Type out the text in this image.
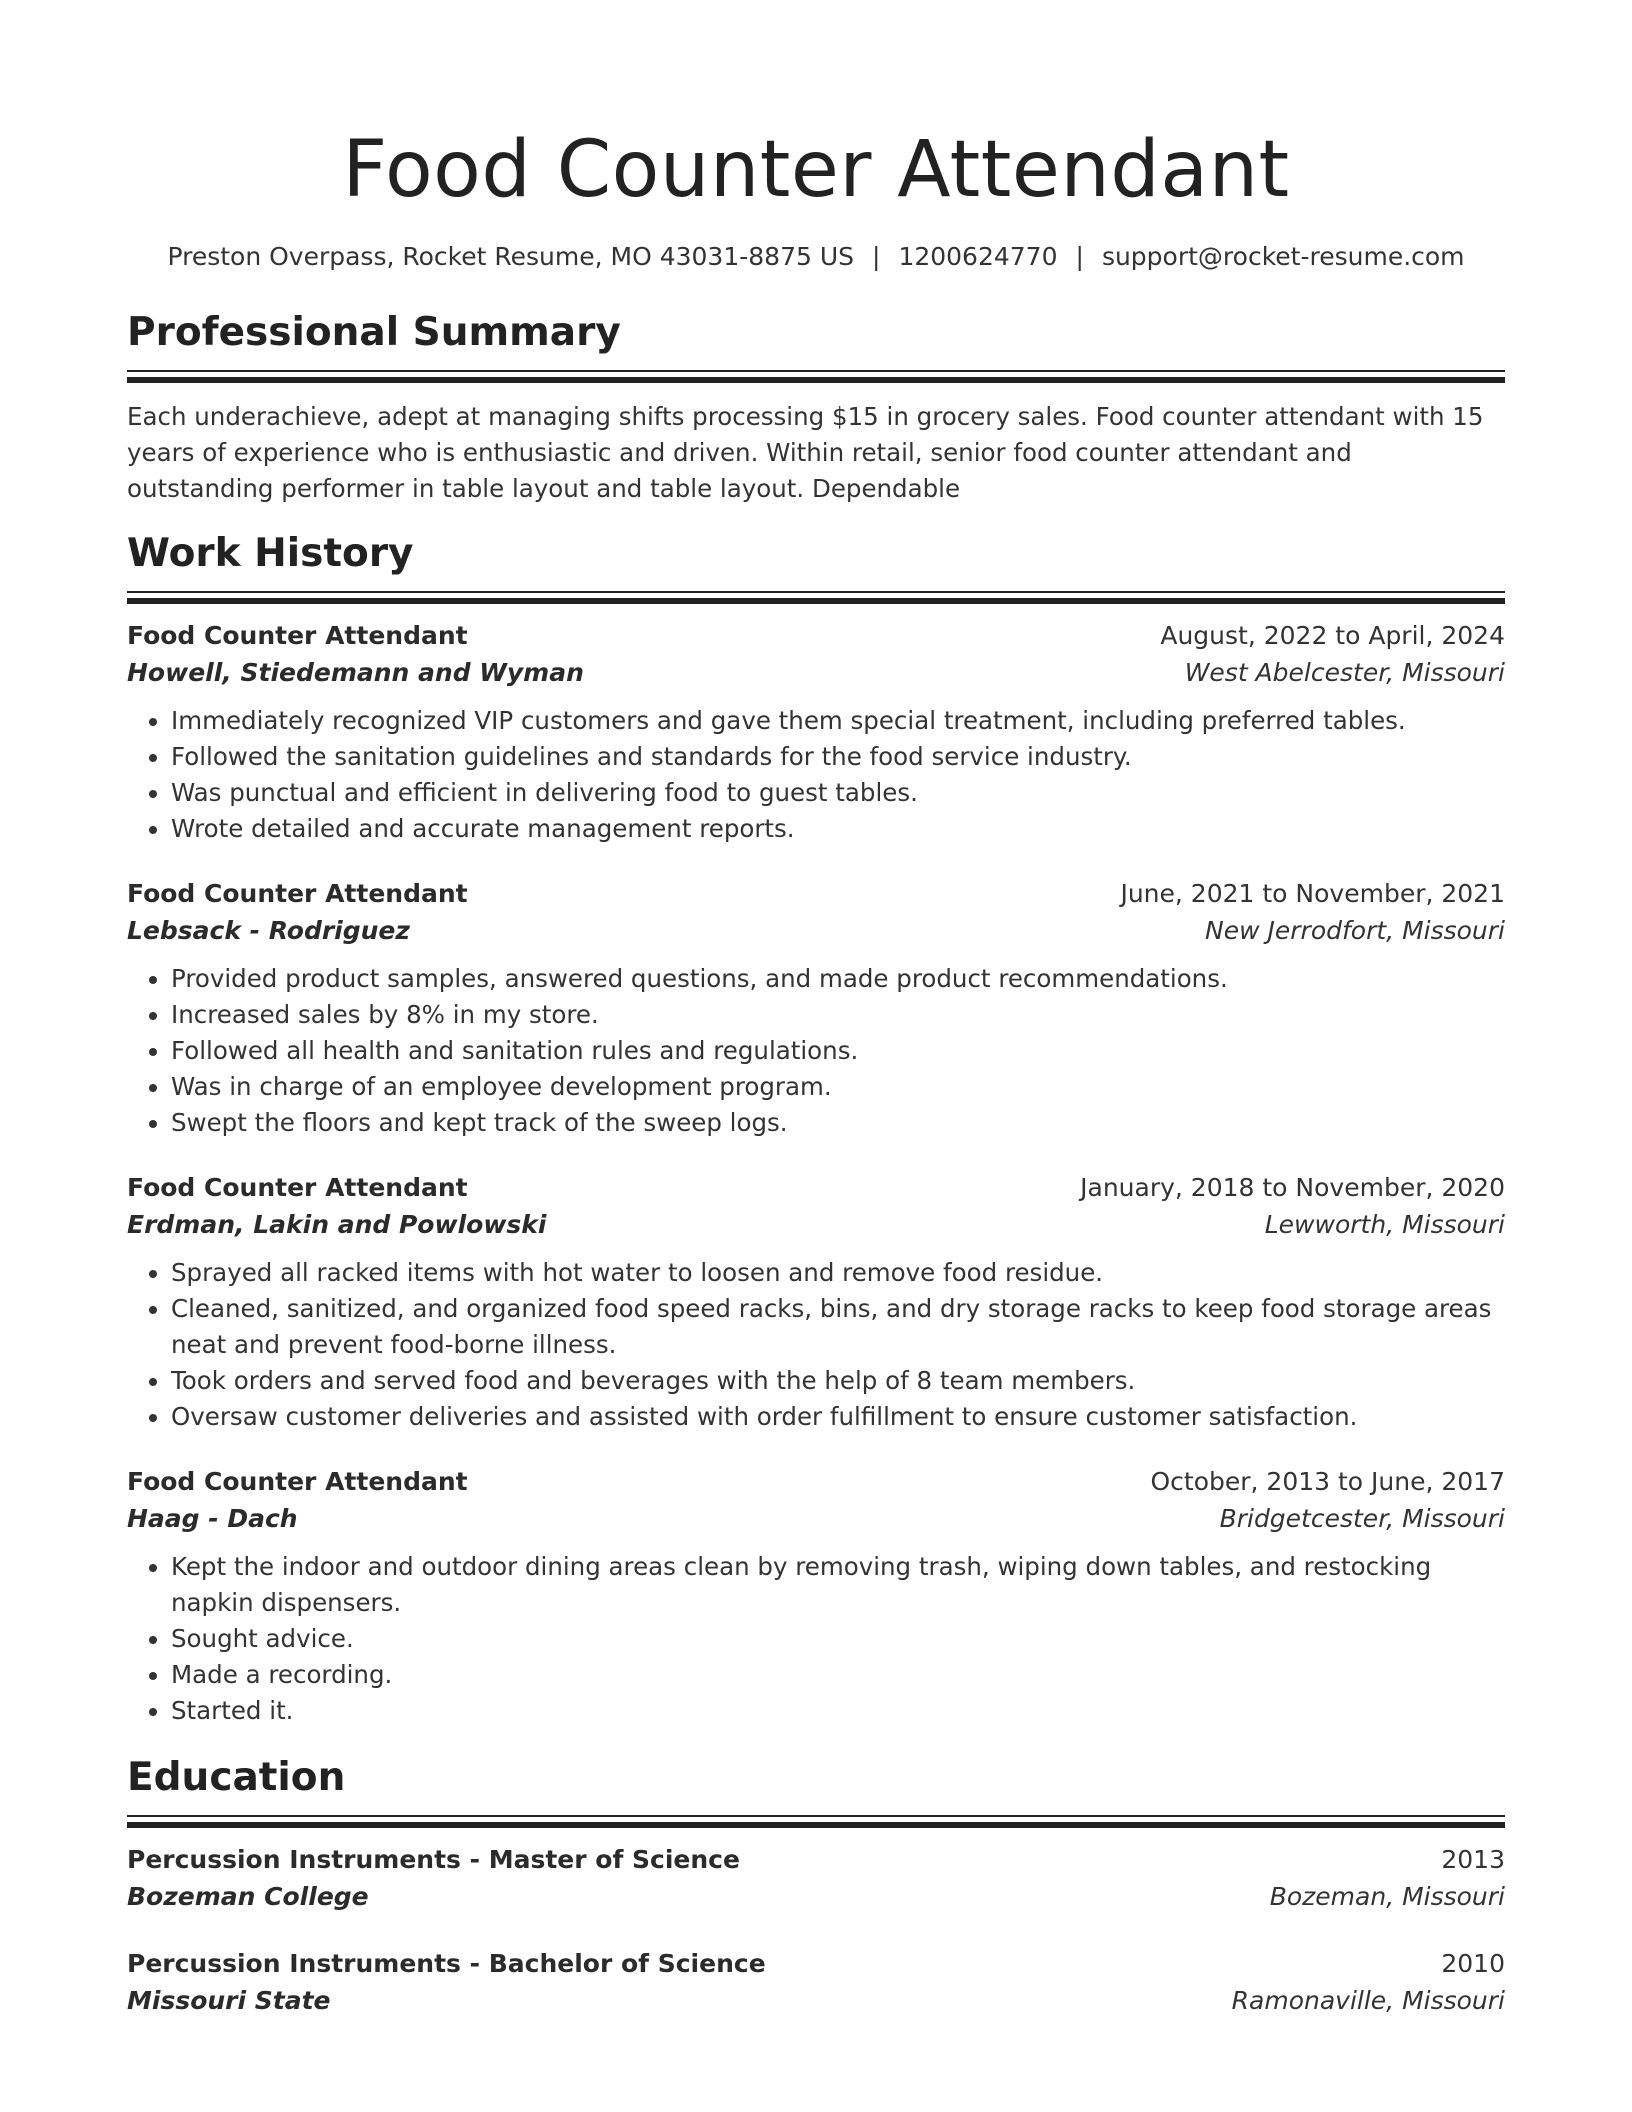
Food Counter Attendant
Preston Overpass, Rocket Resume, MO 43031-8875 US | 1200624770 | support@rocket-resume.com
Professional Summary
Each underachieve, adept at managing shifts processing $15 in grocery sales. Food counter attendant with 15 years of experience who is enthusiastic and driven. Within retail, senior food counter attendant and outstanding performer in table layout and table layout. Dependable
Work History
Food Counter Attendant	August, 2022 to April, 2024
Howell, Stiedemann and Wyman	West Abelcester, Missouri
• Immediately recognized VIP customers and gave them special treatment, including preferred tables.
• Followed the sanitation guidelines and standards for the food service industry.
• Was punctual and efficient in delivering food to guest tables.
• Wrote detailed and accurate management reports.
Food Counter Attendant	June, 2021 to November, 2021
Lebsack - Rodriguez	New Jerrodfort, Missouri
• Provided product samples, answered questions, and made product recommendations.
• Increased sales by 8% in my store.
• Followed all health and sanitation rules and regulations.
• Was in charge of an employee development program.
• Swept the floors and kept track of the sweep logs.
Food Counter Attendant	January, 2018 to November, 2020
Erdman, Lakin and Powlowski	Lewworth, Missouri
• Sprayed all racked items with hot water to loosen and remove food residue.
• Cleaned, sanitized, and organized food speed racks, bins, and dry storage racks to keep food storage areas neat and prevent food-borne illness.
• Took orders and served food and beverages with the help of 8 team members.
• Oversaw customer deliveries and assisted with order fulfillment to ensure customer satisfaction.
Food Counter Attendant	October, 2013 to June, 2017
Haag - Dach	Bridgetcester, Missouri
• Kept the indoor and outdoor dining areas clean by removing trash, wiping down tables, and restocking napkin dispensers.
• Sought advice.
• Made a recording.
• Started it.
Education
Percussion Instruments - Master of Science	2013
Bozeman College	Bozeman, Missouri
Percussion Instruments - Bachelor of Science	2010
Missouri State	Ramonaville, Missouri
